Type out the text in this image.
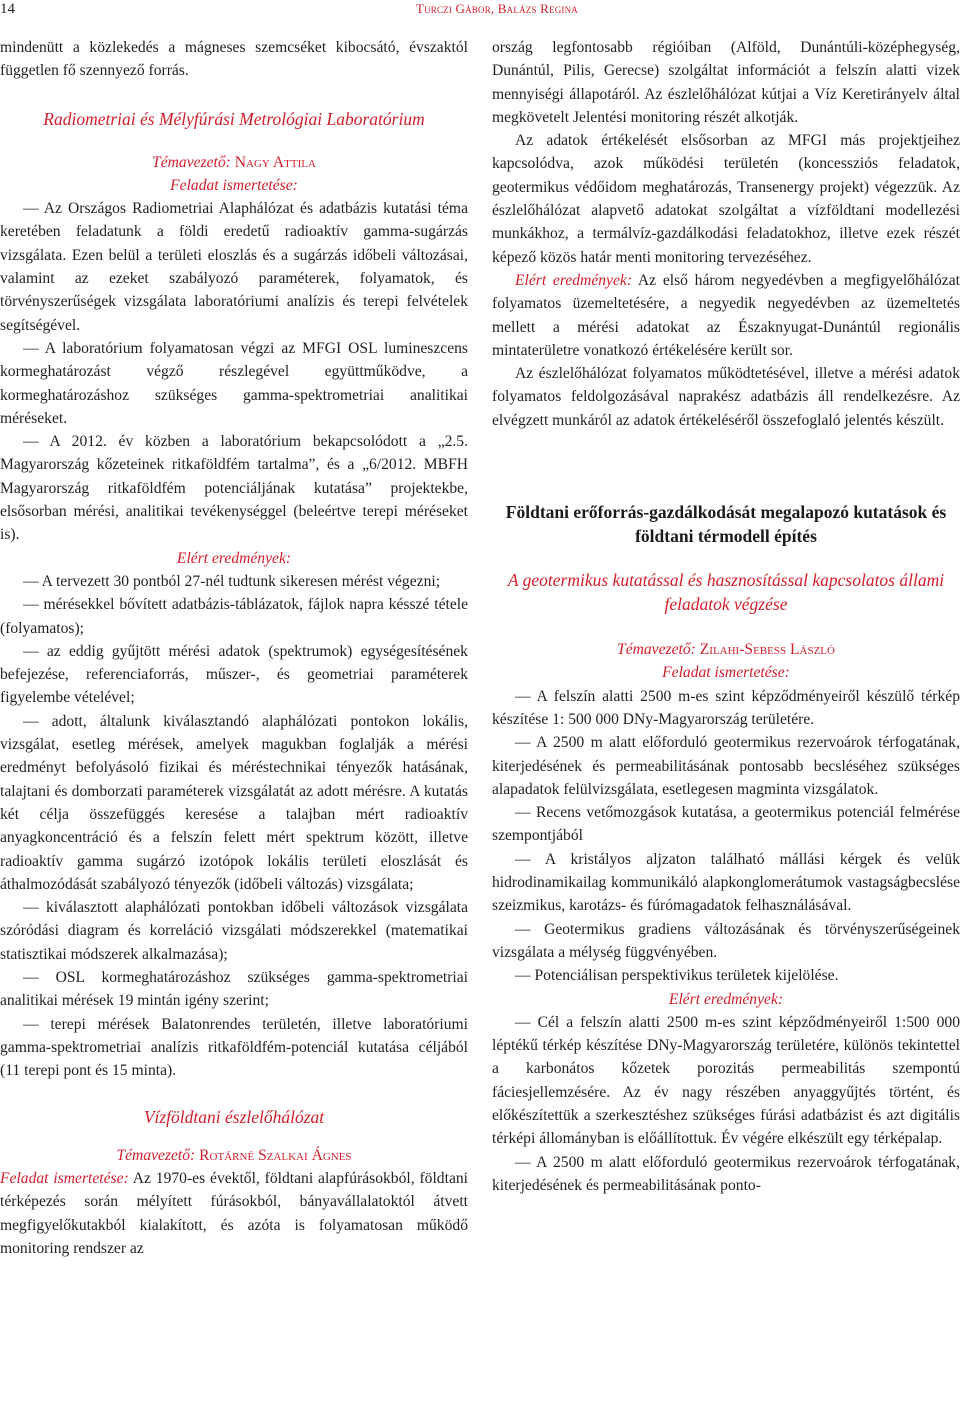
14	Turczi Gábor, Balázs Regina

mindenütt a közlekedés a mágneses szemcséket kibocsátó, évszaktól független fő szennyező forrás.

Radiometriai és Mélyfúrási Metrológiai Laboratórium

Témavezető: Nagy Attila

Feladat ismertetése:

— Az Országos Radiometriai Alaphálózat és adatbázis kutatási téma keretében feladatunk a földi eredetű radioaktív gamma-sugárzás vizsgálata. Ezen belül a területi eloszlás és a sugárzás időbeli változásai, valamint az ezeket szabályozó paraméterek, folyamatok, és törvényszerűségek vizsgálata laboratóriumi analízis és terepi felvételek segítségével.

— A laboratórium folyamatosan végzi az MFGI OSL lumineszcens kormeghatározást végző részlegével együttműködve, a kormeghatározáshoz szükséges gamma-spektrometriai analitikai méréseket.

— A 2012. év közben a laboratórium bekapcsolódott a „2.5. Magyarország kőzeteinek ritkaföldfém tartalma”, és a „6/2012. MBFH Magyarország ritkaföldfém potenciáljának kutatása” projektekbe, elsősorban mérési, analitikai tevékenységgel (beleértve terepi méréseket is).

Elért eredmények:

— A tervezett 30 pontból 27-nél tudtunk sikeresen mérést végezni;

— mérésekkel bővített adatbázis-táblázatok, fájlok napra késszé tétele (folyamatos);

— az eddig gyűjtött mérési adatok (spektrumok) egységesítésének befejezése, referenciaforrás, műszer-, és geometriai paraméterek figyelembe vételével;

— adott, általunk kiválasztandó alaphálózati pontokon lokális, vizsgálat, esetleg mérések, amelyek magukban foglalják a mérési eredményt befolyásoló fizikai és méréstechnikai tényezők hatásának, talajtani és domborzati paraméterek vizsgálatát az adott mérésre. A kutatás két célja összefüggés keresése a talajban mért radioaktív anyagkoncentráció és a felszín felett mért spektrum között, illetve radioaktív gamma sugárzó izotópok lokális területi eloszlását és áthalmozódását szabályozó tényezők (időbeli változás) vizsgálata;

— kiválasztott alaphálózati pontokban időbeli változások vizsgálata szóródási diagram és korreláció vizsgálati módszerekkel (matematikai statisztikai módszerek alkalmazása);

— OSL kormeghatározáshoz szükséges gamma-spektrometriai analitikai mérések 19 mintán igény szerint;

— terepi mérések Balatonrendes területén, illetve laboratóriumi gamma-spektrometriai analízis ritkaföldfém-potenciál kutatása céljából (11 terepi pont és 15 minta).

Vízföldtani észlelőhálózat

Témavezető: Rotárné Szalkai Ágnes

Feladat ismertetése: Az 1970-es évektől, földtani alapfúrásokból, földtani térképezés során mélyített fúrásokból, bányavállalatoktól átvett megfigyelőkutakból kialakított, és azóta is folyamatosan működő monitoring rendszer az

ország legfontosabb régióiban (Alföld, Dunántúli-középhegység, Dunántúl, Pilis, Gerecse) szolgáltat információt a felszín alatti vizek mennyiségi állapotáról. Az észlelőhálózat kútjai a Víz Keretirányelv által megkövetelt Jelentési monitoring részét alkotják.

Az adatok értékelését elsősorban az MFGI más projektjeihez kapcsolódva, azok működési területén (koncessziós feladatok, geotermikus védőidom meghatározás, Transenergy projekt) végezzük. Az észlelőhálózat alapvető adatokat szolgáltat a vízföldtani modellezési munkákhoz, a termálvíz-gazdálkodási feladatokhoz, illetve ezek részét képező közös határ menti monitoring tervezéséhez.

Elért eredmények: Az első három negyedévben a megfigyelőhálózat folyamatos üzemeltetésére, a negyedik negyedévben az üzemeltetés mellett a mérési adatokat az Északnyugat-Dunántúl regionális mintaterületre vonatkozó értékelésére került sor.

Az észlelőhálózat folyamatos működtetésével, illetve a mérési adatok folyamatos feldolgozásával naprakész adatbázis áll rendelkezésre. Az elvégzett munkáról az adatok értékeléséről összefoglaló jelentés készült.

Földtani erőforrás-gazdálkodását megalapozó kutatások és földtani térmodell építés
A geotermikus kutatással és hasznosítással kapcsolatos állami feladatok végzése

Témavezető: Zilahi-Sebess László

Feladat ismertetése:

— A felszín alatti 2500 m-es szint képződményeiről készülő térkép készítése 1: 500 000 DNy-Magyarország területére.

— A 2500 m alatt előforduló geotermikus rezervoárok térfogatának, kiterjedésének és permeabilitásának pontosabb becsléséhez szükséges alapadatok felülvizsgálata, esetlegesen magminta vizsgálatok.

— Recens vetőmozgások kutatása, a geotermikus potenciál felmérése szempontjából

— A kristályos aljzaton található mállási kérgek és velük hidrodinamikailag kommunikáló alapkonglomerátumok vastagságbecslése szeizmikus, karotázs- és fúrómagadatok felhasználásával.

— Geotermikus gradiens változásának és törvényszerűségeinek vizsgálata a mélység függvényében.

— Potenciálisan perspektivikus területek kijelölése.

Elért eredmények:

— Cél a felszín alatti 2500 m-es szint képződményeiről 1:500 000 léptékű térkép készítése DNy-Magyarország területére, különös tekintettel a karbonátos kőzetek porozitás permeabilitás szempontú fáciesjellemzésére. Az év nagy részében anyaggyűjtés történt, és előkészítettük a szerkesztéshez szükséges fúrási adatbázist és azt digitális térképi állományban is előállítottuk. Év végére elkészült egy térképalap.

— A 2500 m alatt előforduló geotermikus rezervoárok térfogatának, kiterjedésének és permeabilitásának ponto-
